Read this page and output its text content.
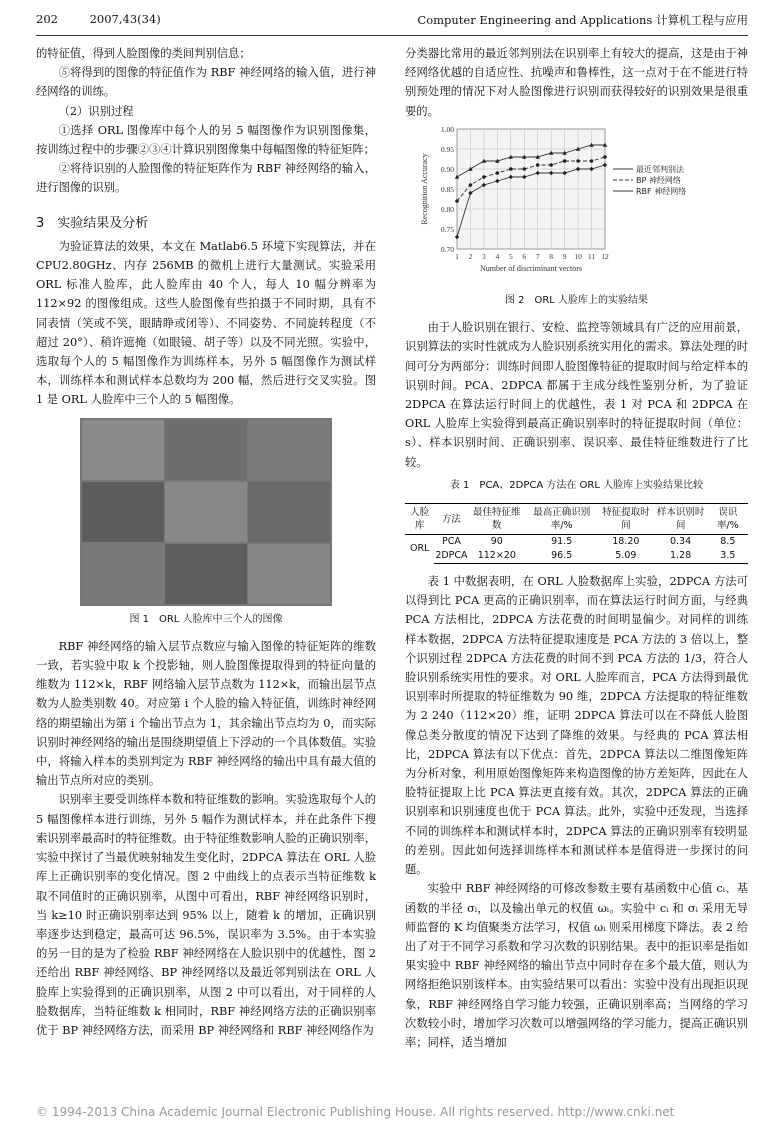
202	2007,43(34)	Computer Engineering and Applications 计算机工程与应用

的特征值，得到人脸图像的类间判别信息；

⑤将得到的图像的特征值作为 RBF 神经网络的输入值，进行神经网络的训练。

（2）识别过程

①选择 ORL 图像库中每个人的另 5 幅图像作为识别图像集，按训练过程中的步骤②③④计算识别图像集中每幅图像的特征矩阵；

②将待识别的人脸图像的特征矩阵作为 RBF 神经网络的输入，进行图像的识别。

3　实验结果及分析

为验证算法的效果，本文在 Matlab6.5 环境下实现算法，并在 CPU2.80GHz、内存 256MB 的微机上进行大量测试。实验采用 ORL 标准人脸库，此人脸库由 40 个人，每人 10 幅分辨率为 112×92 的图像组成。这些人脸图像有些拍摄于不同时期，具有不同表情（笑或不笑，眼睛睁或闭等）、不同姿势、不同旋转程度（不超过 20°）、稍许遮掩（如眼镜、胡子等）以及不同光照。实验中，选取每个人的 5 幅图像作为训练样本，另外 5 幅图像作为测试样本，训练样本和测试样本总数均为 200 幅，然后进行交叉实验。图 1 是 ORL 人脸库中三个人的 5 幅图像。

图 1　ORL 人脸库中三个人的图像

RBF 神经网络的输入层节点数应与输入图像的特征矩阵的维数一致，若实验中取 k 个投影轴，则人脸图像提取得到的特征向量的维数为 112×k，RBF 网络输入层节点数为 112×k，而输出层节点数为人脸类别数 40。对应第 i 个人脸的输入特征值，训练时神经网络的期望输出为第 i 个输出节点为 1，其余输出节点均为 0，而实际识别时神经网络的输出是围绕期望值上下浮动的一个具体数值。实验中，将输入样本的类别判定为 RBF 神经网络的输出中具有最大值的输出节点所对应的类别。

识别率主要受训练样本数和特征维数的影响。实验选取每个人的 5 幅图像样本进行训练，另外 5 幅作为测试样本，并在此条件下搜索识别率最高时的特征维数。由于特征维数影响人脸的正确识别率，实验中探讨了当最优映射轴发生变化时，2DPCA 算法在 ORL 人脸库上正确识别率的变化情况。图 2 中曲线上的点表示当特征维数 k 取不同值时的正确识别率，从图中可看出，RBF 神经网络识别时，当 k≥10 时正确识别率达到 95% 以上，随着 k 的增加，正确识别率逐步达到稳定，最高可达 96.5%，误识率为 3.5%。由于本实验的另一目的是为了检验 RBF 神经网络在人脸识别中的优越性，图 2 还给出 RBF 神经网络、BP 神经网络以及最近邻判别法在 ORL 人脸库上实验得到的正确识别率，从图 2 中可以看出，对于同样的人脸数据库，当特征维数 k 相同时，RBF 神经网络方法的正确识别率优于 BP 神经网络方法，而采用 BP 神经网络和 RBF 神经网络作为

分类器比常用的最近邻判别法在识别率上有较大的提高，这是由于神经网络优越的自适应性、抗噪声和鲁棒性，这一点对于在不能进行特别预处理的情况下对人脸图像进行识别而获得较好的识别效果是很重要的。

0.70
0.75
0.80
0.85
0.90
0.95
1.00
1 2 3 4 5 6 7 8 9 10 11 12
Number of discriminant vectors
Recognition Accuracy	最近邻判别法
BP 神经网络
RBF 神经网络
图 2　ORL 人脸库上的实验结果

由于人脸识别在银行、安检、监控等领域具有广泛的应用前景，识别算法的实时性就成为人脸识别系统实用化的需求。算法处理的时间可分为两部分：训练时间即人脸图像特征的提取时间与给定样本的识别时间。PCA、2DPCA 都属于主成分线性鉴别分析，为了验证 2DPCA 在算法运行时间上的优越性，表 1 对 PCA 和 2DPCA 在 ORL 人脸库上实验得到最高正确识别率时的特征提取时间（单位：s）、样本识别时间、正确识别率、误识率、最佳特征维数进行了比较。

表 1　PCA、2DPCA 方法在 ORL 人脸库上实验结果比较
人脸库	方法	最佳特征维数	最高正确识别率/%	特征提取时间	样本识别时间	误识率/%
ORL	PCA	90	91.5	18.20	0.34	8.5
	2DPCA	112×20	96.5	5.09	1.28	3.5

表 1 中数据表明，在 ORL 人脸数据库上实验，2DPCA 方法可以得到比 PCA 更高的正确识别率，而在算法运行时间方面，与经典 PCA 方法相比，2DPCA 方法花费的时间明显偏少。对同样的训练样本数据，2DPCA 方法特征提取速度是 PCA 方法的 3 倍以上，整个识别过程 2DPCA 方法花费的时间不到 PCA 方法的 1/3，符合人脸识别系统实用性的要求。对 ORL 人脸库而言，PCA 方法得到最优识别率时所提取的特征维数为 90 维，2DPCA 方法提取的特征维数为 2 240（112×20）维，证明 2DPCA 算法可以在不降低人脸图像总类分散度的情况下达到了降维的效果。与经典的 PCA 算法相比，2DPCA 算法有以下优点：首先，2DPCA 算法以二维图像矩阵为分析对象，利用原始图像矩阵来构造图像的协方差矩阵，因此在人脸特征提取上比 PCA 算法更直接有效。其次，2DPCA 算法的正确识别率和识别速度也优于 PCA 算法。此外，实验中还发现，当选择不同的训练样本和测试样本时，2DPCA 算法的正确识别率有较明显的差别。因此如何选择训练样本和测试样本是值得进一步探讨的问题。

实验中 RBF 神经网络的可修改参数主要有基函数中心值 cᵢ、基函数的半径 σᵢ，以及输出单元的权值 ωᵢ。实验中 cᵢ 和 σᵢ 采用无导师监督的 K 均值聚类方法学习，权值 ωᵢ 则采用梯度下降法。表 2 给出了对于不同学习系数和学习次数的识别结果。表中的拒识率是指如果实验中 RBF 神经网络的输出节点中同时存在多个最大值，则认为网络拒绝识别该样本。由实验结果可以看出：实验中没有出现拒识现象，RBF 神经网络自学习能力较强，正确识别率高；当网络的学习次数较小时，增加学习次数可以增强网络的学习能力，提高正确识别率；同样，适当增加

© 1994-2013 China Academic Journal Electronic Publishing House. All rights reserved. http://www.cnki.net
